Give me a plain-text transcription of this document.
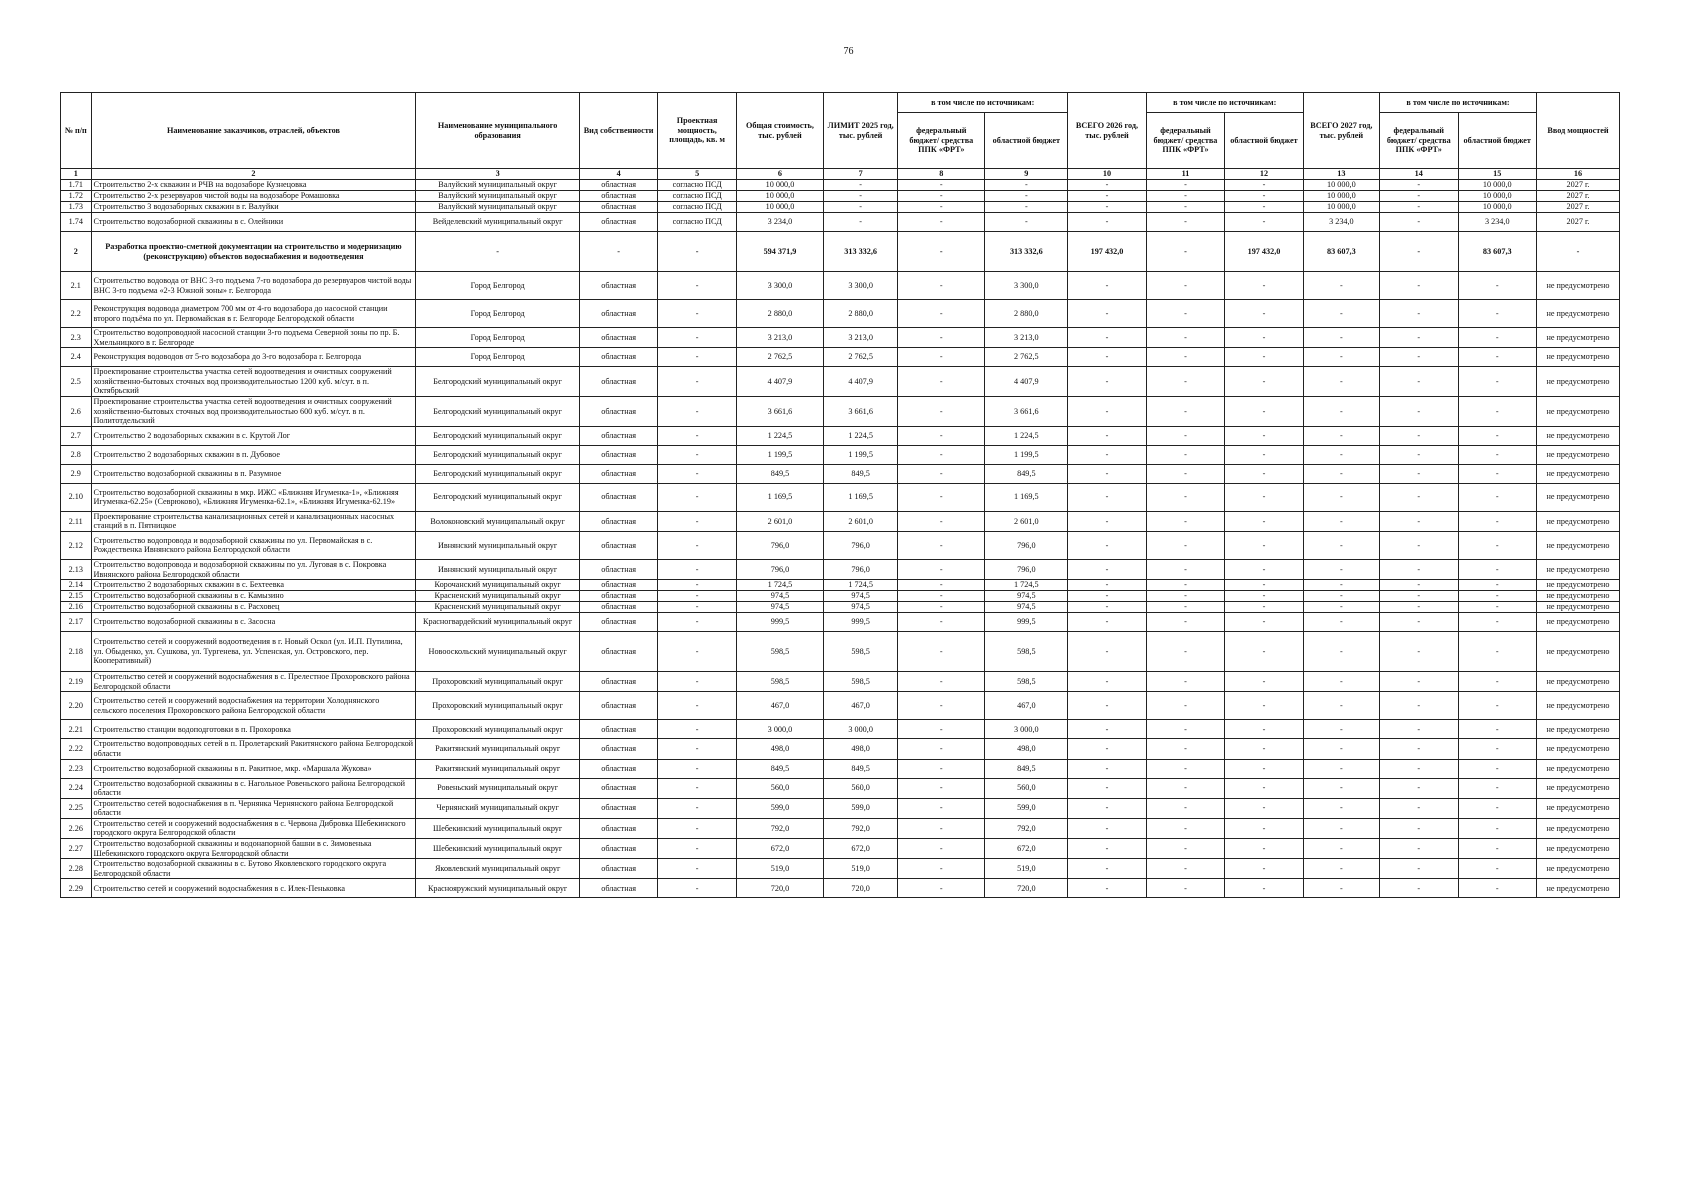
76
№ п/п	Наименование заказчиков, отраслей, объектов	Наименование муниципального образования	Вид собственности	Проектная мощность, площадь, кв. м	Общая стоимость, тыс. рублей	ЛИМИТ 2025 год, тыс. рублей	в том числе по источникам:		ВСЕГО 2026 год, тыс. рублей	в том числе по источникам:		ВСЕГО 2027 год, тыс. рублей	в том числе по источникам:		Ввод мощностей
							федеральный бюджет/ средства ППК «ФРТ»	областной бюджет		федеральный бюджет/ средства ППК «ФРТ»	областной бюджет		федеральный бюджет/ средства ППК «ФРТ»	областной бюджет	
1	2	3	4	5	6	7	8	9	10	11	12	13	14	15	16
1.71	Строительство 2-х скважин и РЧВ на водозаборе Кузнецовка	Валуйский муниципальный округ	областная	согласно ПСД	10 000,0	-	-	-	-	-	-	10 000,0	-	10 000,0	2027 г.
1.72	Строительство 2-х резервуаров чистой воды на водозаборе Ромашовка	Валуйский муниципальный округ	областная	согласно ПСД	10 000,0	-	-	-	-	-	-	10 000,0	-	10 000,0	2027 г.
1.73	Строительство 3 водозаборных скважин в г. Валуйки	Валуйский муниципальный округ	областная	согласно ПСД	10 000,0	-	-	-	-	-	-	10 000,0	-	10 000,0	2027 г.
1.74	Строительство водозаборной скважины в с. Олейники	Вейделевский муниципальный округ	областная	согласно ПСД	3 234,0	-	-	-	-	-	-	3 234,0	-	3 234,0	2027 г.
2	Разработка проектно-сметной документации на строительство и модернизацию (реконструкцию) объектов водоснабжения и водоотведения	-	-	-	594 371,9	313 332,6	-	313 332,6	197 432,0	-	197 432,0	83 607,3	-	83 607,3	-
2.1	Строительство водовода от ВНС 3-го подъема 7-го водозабора до резервуаров чистой воды ВНС 3-го подъема «2-3 Южной зоны» г. Белгорода	Город Белгород	областная	-	3 300,0	3 300,0	-	3 300,0	-	-	-	-	-	-	не предусмотрено
2.2	Реконструкция водовода диаметром 700 мм от 4-го водозабора до насосной станции второго подъёма по ул. Первомайская в г. Белгороде Белгородской области	Город Белгород	областная	-	2 880,0	2 880,0	-	2 880,0	-	-	-	-	-	-	не предусмотрено
2.3	Строительство водопроводной насосной станции 3-го подъема Северной зоны по пр. Б. Хмельницкого в г. Белгороде	Город Белгород	областная	-	3 213,0	3 213,0	-	3 213,0	-	-	-	-	-	-	не предусмотрено
2.4	Реконструкция водоводов от 5-го водозабора до 3-го водозабора г. Белгорода	Город Белгород	областная	-	2 762,5	2 762,5	-	2 762,5	-	-	-	-	-	-	не предусмотрено
2.5	Проектирование строительства участка сетей водоотведения и очистных сооружений хозяйственно-бытовых сточных вод производительностью 1200 куб. м/сут. в п. Октябрьский	Белгородский муниципальный округ	областная	-	4 407,9	4 407,9	-	4 407,9	-	-	-	-	-	-	не предусмотрено
2.6	Проектирование строительства участка сетей водоотведения и очистных сооружений хозяйственно-бытовых сточных вод производительностью 600 куб. м/сут. в п. Политотдельский	Белгородский муниципальный округ	областная	-	3 661,6	3 661,6	-	3 661,6	-	-	-	-	-	-	не предусмотрено
2.7	Строительство 2 водозаборных скважин в с. Крутой Лог	Белгородский муниципальный округ	областная	-	1 224,5	1 224,5	-	1 224,5	-	-	-	-	-	-	не предусмотрено
2.8	Строительство 2 водозаборных скважин в п. Дубовое	Белгородский муниципальный округ	областная	-	1 199,5	1 199,5	-	1 199,5	-	-	-	-	-	-	не предусмотрено
2.9	Строительство водозаборной скважины в п. Разумное	Белгородский муниципальный округ	областная	-	849,5	849,5	-	849,5	-	-	-	-	-	-	не предусмотрено
2.10	Строительство водозаборной скважины в мкр. ИЖС «Ближняя Игуменка-1», «Ближняя Игуменка-62.25» (Севрюково), «Ближняя Игуменка-62.1», «Ближняя Игуменка-62.19»	Белгородский муниципальный округ	областная	-	1 169,5	1 169,5	-	1 169,5	-	-	-	-	-	-	не предусмотрено
2.11	Проектирование строительства канализационных сетей и канализационных насосных станций в п. Пятницкое	Волоконовский муниципальный округ	областная	-	2 601,0	2 601,0	-	2 601,0	-	-	-	-	-	-	не предусмотрено
2.12	Строительство водопровода и водозаборной скважины по ул. Первомайская в с. Рождественка Ивнянского района Белгородской области	Ивнянский муниципальный округ	областная	-	796,0	796,0	-	796,0	-	-	-	-	-	-	не предусмотрено
2.13	Строительство водопровода и водозаборной скважины по ул. Луговая в с. Покровка Ивнянского района Белгородской области	Ивнянский муниципальный округ	областная	-	796,0	796,0	-	796,0	-	-	-	-	-	-	не предусмотрено
2.14	Строительство 2 водозаборных скважин в с. Бехтеевка	Корочанский муниципальный округ	областная	-	1 724,5	1 724,5	-	1 724,5	-	-	-	-	-	-	не предусмотрено
2.15	Строительство водозаборной скважины в с. Камызино	Красненский муниципальный округ	областная	-	974,5	974,5	-	974,5	-	-	-	-	-	-	не предусмотрено
2.16	Строительство водозаборной скважины в с. Расховец	Красненский муниципальный округ	областная	-	974,5	974,5	-	974,5	-	-	-	-	-	-	не предусмотрено
2.17	Строительство водозаборной скважины в с. Засосна	Красногвардейский муниципальный округ	областная	-	999,5	999,5	-	999,5	-	-	-	-	-	-	не предусмотрено
2.18	Строительство сетей и сооружений водоотведения в г. Новый Оскол (ул. И.П. Путилина, ул. Обыденко, ул. Сушкова, ул. Тургенева, ул. Успенская, ул. Островского, пер. Кооперативный)	Новооскольский муниципальный округ	областная	-	598,5	598,5	-	598,5	-	-	-	-	-	-	не предусмотрено
2.19	Строительство сетей и сооружений водоснабжения в с. Прелестное Прохоровского района Белгородской области	Прохоровский муниципальный округ	областная	-	598,5	598,5	-	598,5	-	-	-	-	-	-	не предусмотрено
2.20	Строительство сетей и сооружений водоснабжения на территории Холоднянского сельского поселения Прохоровского района Белгородской области	Прохоровский муниципальный округ	областная	-	467,0	467,0	-	467,0	-	-	-	-	-	-	не предусмотрено
2.21	Строительство станции водоподготовки в п. Прохоровка	Прохоровский муниципальный округ	областная	-	3 000,0	3 000,0	-	3 000,0	-	-	-	-	-	-	не предусмотрено
2.22	Строительство водопроводных сетей в п. Пролетарский Ракитянского района Белгородской области	Ракитянский муниципальный округ	областная	-	498,0	498,0	-	498,0	-	-	-	-	-	-	не предусмотрено
2.23	Строительство водозаборной скважины в п. Ракитное, мкр. «Маршала Жукова»	Ракитянский муниципальный округ	областная	-	849,5	849,5	-	849,5	-	-	-	-	-	-	не предусмотрено
2.24	Строительство водозаборной скважины в с. Нагольное Ровеньского района Белгородской области	Ровеньский муниципальный округ	областная	-	560,0	560,0	-	560,0	-	-	-	-	-	-	не предусмотрено
2.25	Строительство сетей водоснабжения в п. Чернянка Чернянского района Белгородской области	Чернянский муниципальный округ	областная	-	599,0	599,0	-	599,0	-	-	-	-	-	-	не предусмотрено
2.26	Строительство сетей и сооружений водоснабжения в с. Червона Дибровка Шебекинского городского округа Белгородской области	Шебекинский муниципальный округ	областная	-	792,0	792,0	-	792,0	-	-	-	-	-	-	не предусмотрено
2.27	Строительство водозаборной скважины и водонапорной башни в с. Зимовенька Шебекинского городского округа Белгородской области	Шебекинский муниципальный округ	областная	-	672,0	672,0	-	672,0	-	-	-	-	-	-	не предусмотрено
2.28	Строительство водозаборной скважины в с. Бутово Яковлевского городского округа Белгородской области	Яковлевский муниципальный округ	областная	-	519,0	519,0	-	519,0	-	-	-	-	-	-	не предусмотрено
2.29	Строительство сетей и сооружений водоснабжения в с. Илек-Пеньковка	Краснояружский муниципальный округ	областная	-	720,0	720,0	-	720,0	-	-	-	-	-	-	не предусмотрено
